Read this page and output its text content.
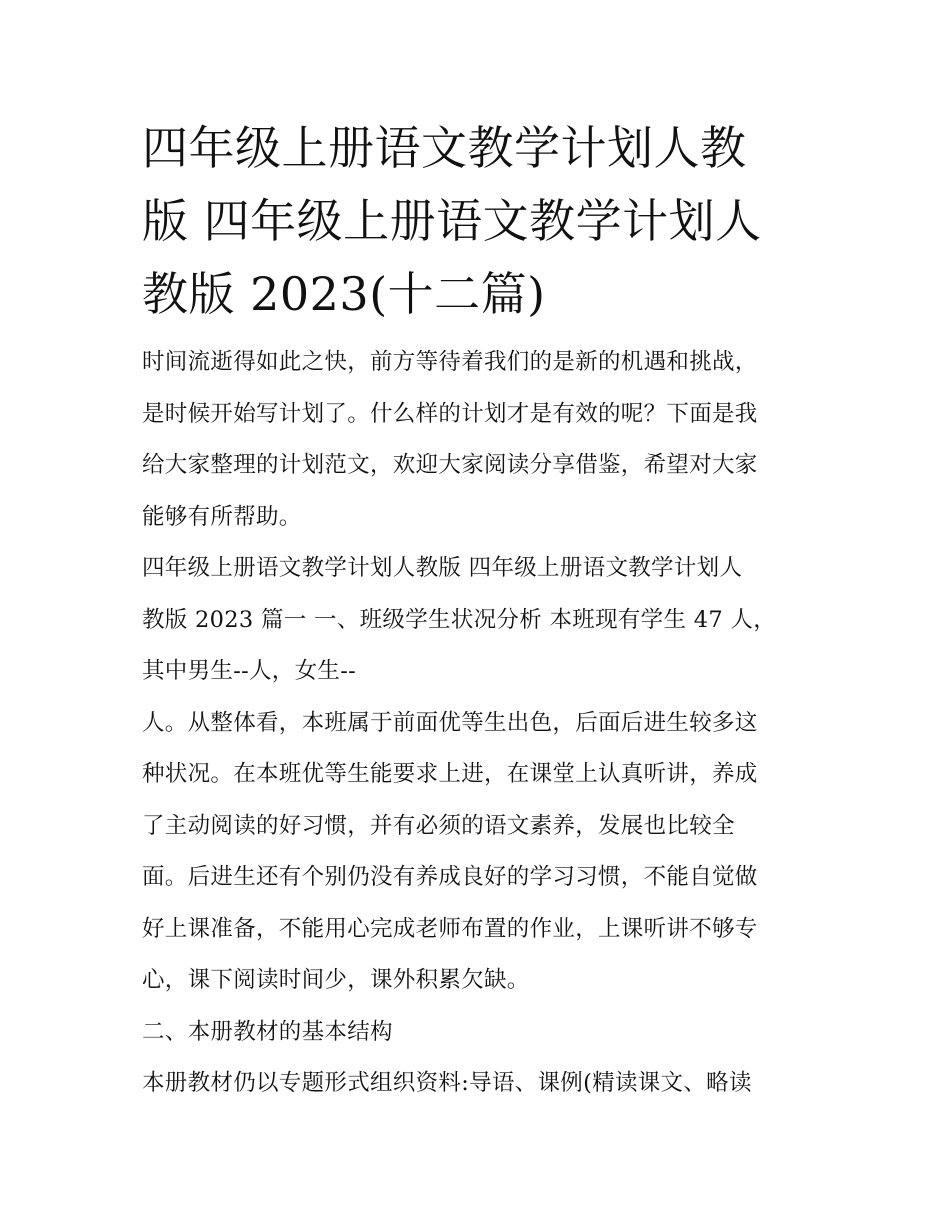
四年级上册语文教学计划人教
版 四年级上册语文教学计划人
教版 2023(十二篇)

时间流逝得如此之快，前方等待着我们的是新的机遇和挑战，
是时候开始写计划了。什么样的计划才是有效的呢？下面是我
给大家整理的计划范文，欢迎大家阅读分享借鉴，希望对大家
能够有所帮助。

四年级上册语文教学计划人教版 四年级上册语文教学计划人
教版 2023 篇一 一、班级学生状况分析 本班现有学生 47 人，
其中男生--人，女生--

人。从整体看，本班属于前面优等生出色，后面后进生较多这
种状况。在本班优等生能要求上进，在课堂上认真听讲，养成
了主动阅读的好习惯，并有必须的语文素养，发展也比较全
面。后进生还有个别仍没有养成良好的学习习惯，不能自觉做
好上课准备，不能用心完成老师布置的作业，上课听讲不够专
心，课下阅读时间少，课外积累欠缺。

二、本册教材的基本结构

本册教材仍以专题形式组织资料:导语、课例(精读课文、略读
